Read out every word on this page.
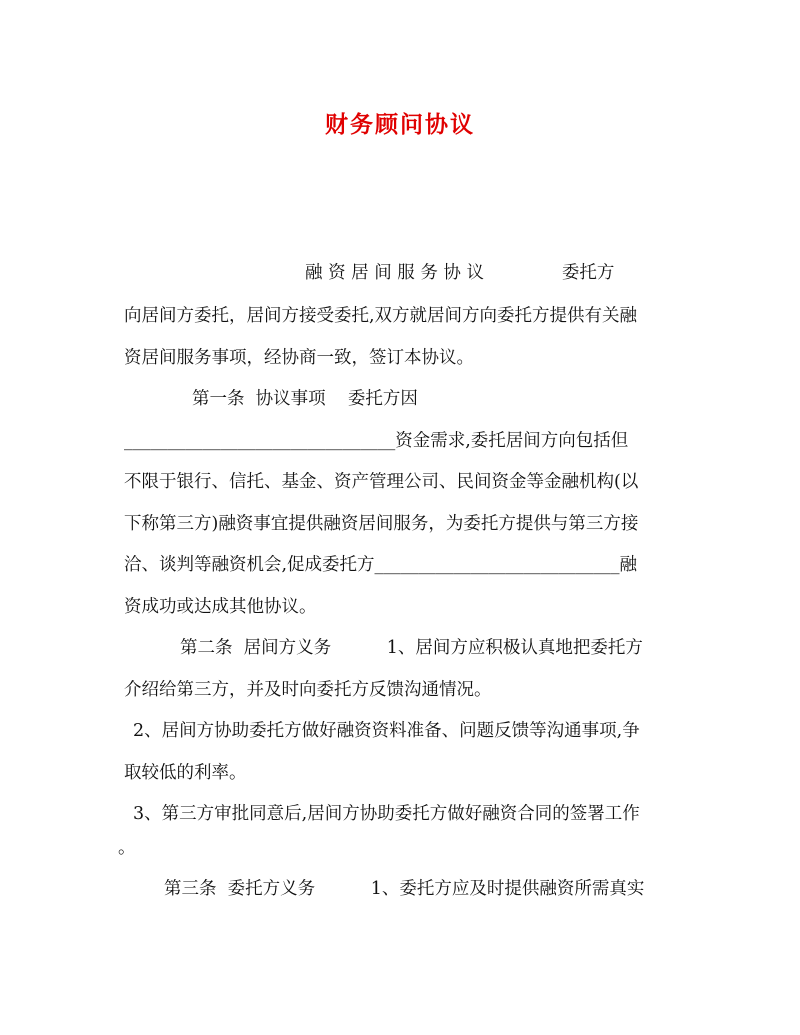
财务顾问协议
融 资 居 间 服 务 协 议              委托方
向居间方委托，居间方接受委托,双方就居间方向委托方提供有关融
资居间服务事项，经协商一致，签订本协议。
第一条  协议事项    委托方因
_______________________________资金需求,委托居间方向包括但
不限于银行、信托、基金、资产管理公司、民间资金等金融机构(以
下称第三方)融资事宜提供融资居间服务，为委托方提供与第三方接
洽、谈判等融资机会,促成委托方____________________________融
资成功或达成其他协议。
第二条  居间方义务          1、居间方应积极认真地把委托方
介绍给第三方，并及时向委托方反馈沟通情况。
2、居间方协助委托方做好融资资料准备、问题反馈等沟通事项,争
取较低的利率。
3、第三方审批同意后,居间方协助委托方做好融资合同的签署工作
。
第三条  委托方义务          1、委托方应及时提供融资所需真实
